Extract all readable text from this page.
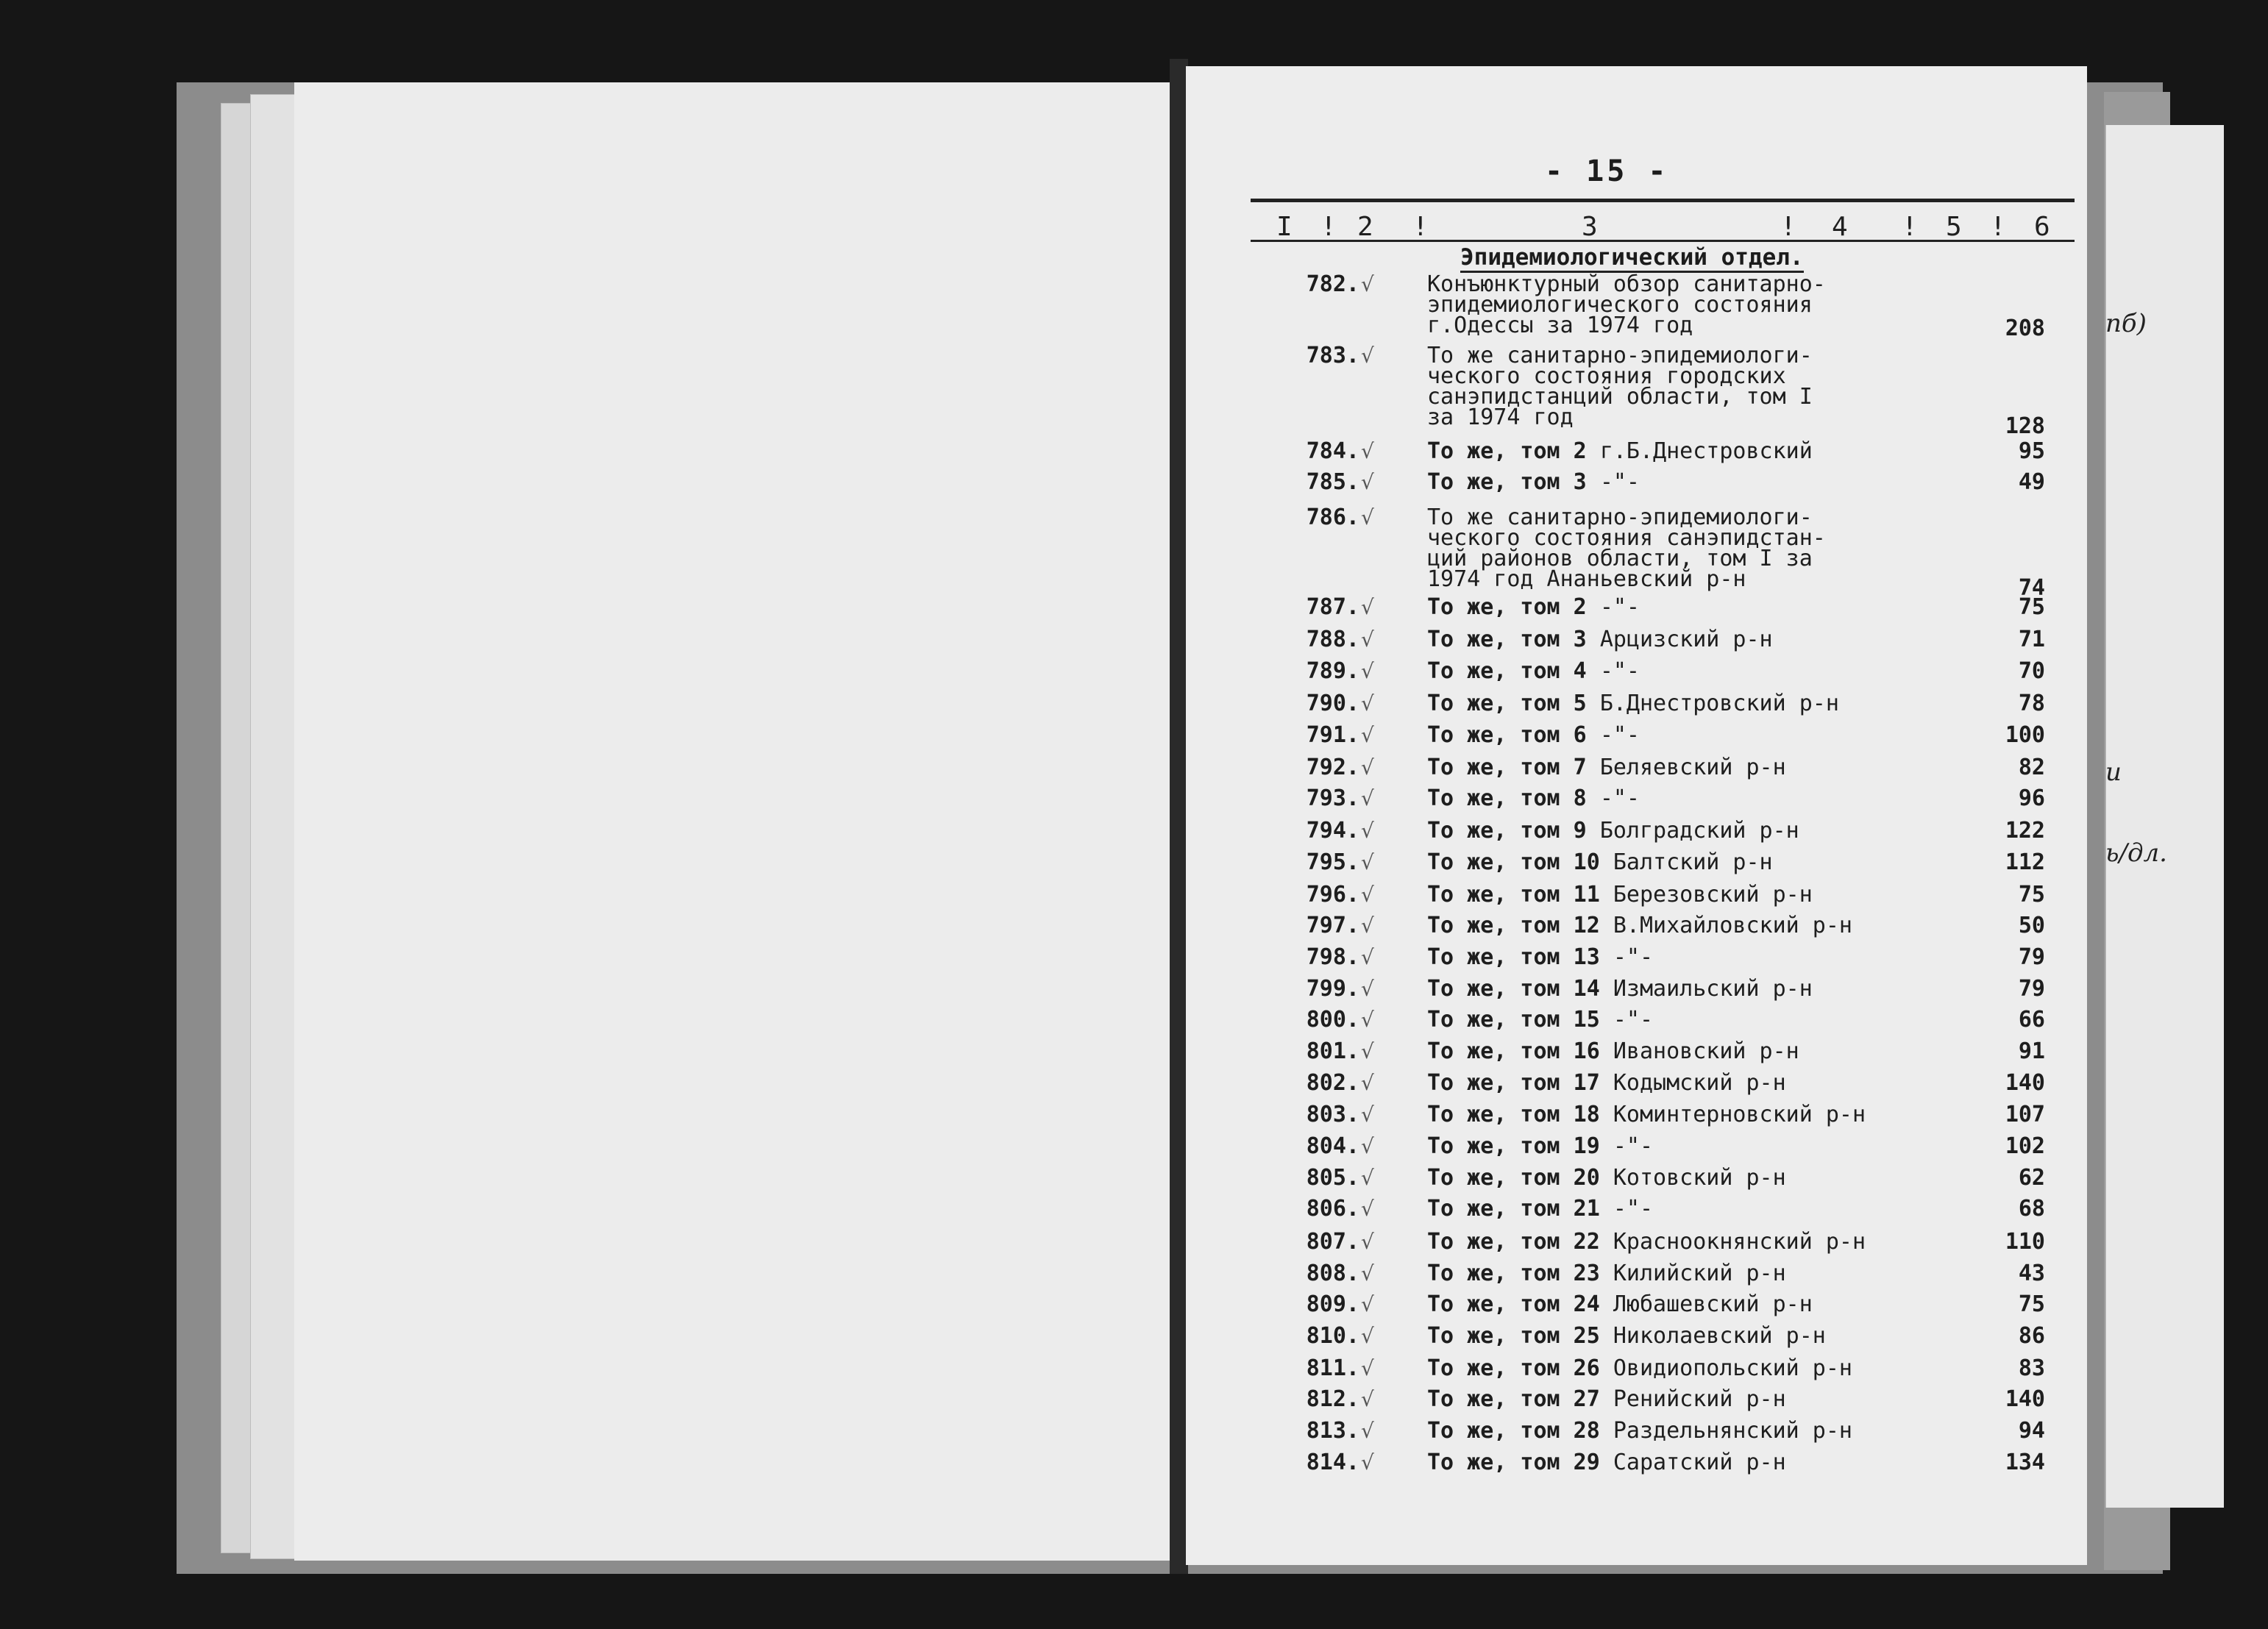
пб)
и
ь/дл.
- 15 -
I ! 2 !	3	! 4 ! 5 ! 6
Эпидемиологический отдел.
782. √ Конъюнктурный обзор санитарно-
эпидемиологического состояния
г.Одессы за 1974 год	208
783. √ То же санитарно-эпидемиологи-
ческого состояния городских
санэпидстанций области, том I
за 1974 год	128
784. √ То же, том 2 г.Б.Днестровский	95
785. √ То же, том 3 -"-	49
786. √ То же санитарно-эпидемиологи-
ческого состояния санэпидстан-
ций районов области, том I за
1974 год Ананьевский р-н	74
787. √ То же, том 2 -"-	75
788. √ То же, том 3 Арцизский р-н	71
789. √ То же, том 4 -"-	70
790. √ То же, том 5 Б.Днестровский р-н	78
791. √ То же, том 6 -"-	100
792. √ То же, том 7 Беляевский р-н	82
793. √ То же, том 8 -"-	96
794. √ То же, том 9 Болградский р-н	122
795. √ То же, том 10 Балтский р-н	112
796. √ То же, том 11 Березовский р-н	75
797. √ То же, том 12 В.Михайловский р-н	50
798. √ То же, том 13 -"-	79
799. √ То же, том 14 Измаильский р-н	79
800. √ То же, том 15 -"-	66
801. √ То же, том 16 Ивановский р-н	91
802. √ То же, том 17 Кодымский р-н	140
803. √ То же, том 18 Коминтерновский р-н	107
804. √ То же, том 19 -"-	102
805. √ То же, том 20 Котовский р-н	62
806. √ То же, том 21 -"-	68
807. √ То же, том 22 Красноокнянский р-н	110
808. √ То же, том 23 Килийский р-н	43
809. √ То же, том 24 Любашевский р-н	75
810. √ То же, том 25 Николаевский р-н	86
811. √ То же, том 26 Овидиопольский р-н	83
812. √ То же, том 27 Ренийский р-н	140
813. √ То же, том 28 Раздельнянский р-н	94
814. √ То же, том 29 Саратский р-н	134
